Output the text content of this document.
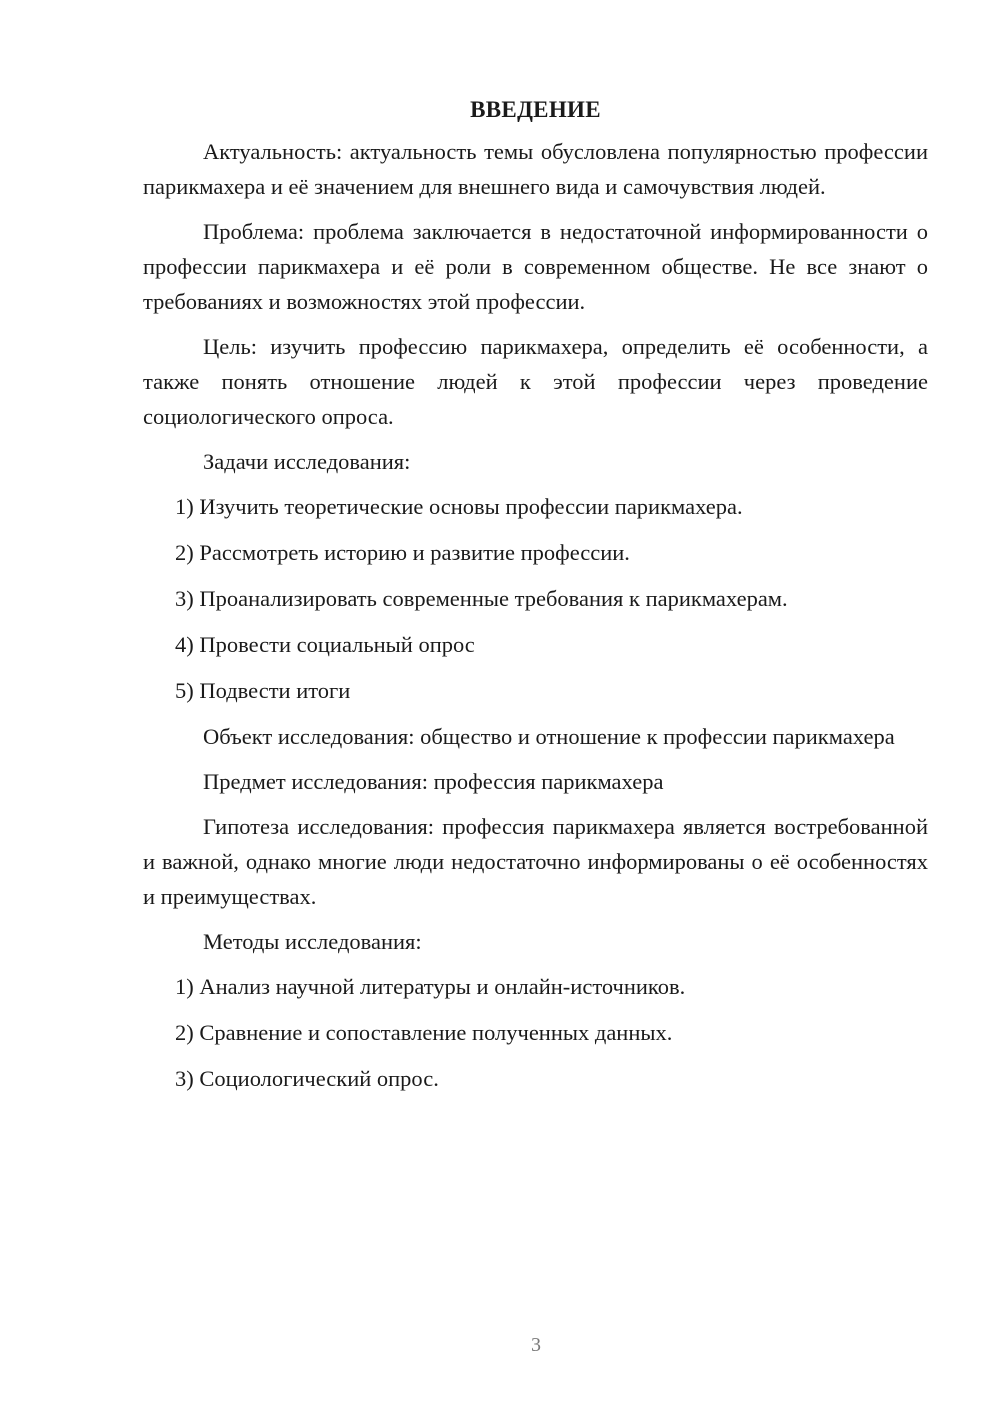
ВВЕДЕНИЕ

Актуальность: актуальность темы обусловлена популярностью профессии парикмахера и её значением для внешнего вида и самочувствия людей.

Проблема: проблема заключается в недостаточной информированности о профессии парикмахера и её роли в современном обществе. Не все знают о требованиях и возможностях этой профессии.

Цель: изучить профессию парикмахера, определить её особенности, а также понять отношение людей к этой профессии через проведение социологического опроса.

Задачи исследования:

1) Изучить теоретические основы профессии парикмахера.
2) Рассмотреть историю и развитие профессии.
3) Проанализировать современные требования к парикмахерам.
4) Провести социальный опрос
5) Подвести итоги

Объект исследования: общество и отношение к профессии парикмахера

Предмет исследования: профессия парикмахера

Гипотеза исследования: профессия парикмахера является востребованной и важной, однако многие люди недостаточно информированы о её особенностях и преимуществах.

Методы исследования:

1) Анализ научной литературы и онлайн-источников.
2) Сравнение и сопоставление полученных данных.
3) Социологический опрос.
3
